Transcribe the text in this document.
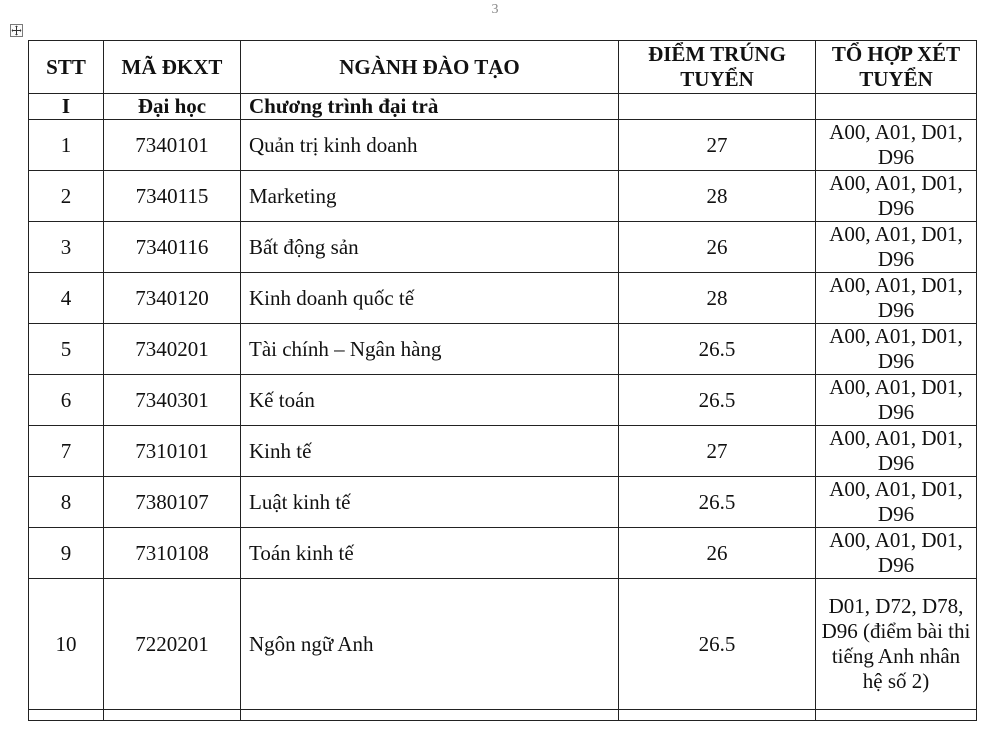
3
STT	MÃ ĐKXT	NGÀNH ĐÀO TẠO	ĐIỂM TRÚNG TUYỂN	TỔ HỢP XÉT TUYỂN
I	Đại học	Chương trình đại trà		
1	7340101	Quản trị kinh doanh	27	A00, A01, D01, D96
2	7340115	Marketing	28	A00, A01, D01, D96
3	7340116	Bất động sản	26	A00, A01, D01, D96
4	7340120	Kinh doanh quốc tế	28	A00, A01, D01, D96
5	7340201	Tài chính – Ngân hàng	26.5	A00, A01, D01, D96
6	7340301	Kế toán	26.5	A00, A01, D01, D96
7	7310101	Kinh tế	27	A00, A01, D01, D96
8	7380107	Luật kinh tế	26.5	A00, A01, D01, D96
9	7310108	Toán kinh tế	26	A00, A01, D01, D96
10	7220201	Ngôn ngữ Anh	26.5	D01, D72, D78, D96 (điểm bài thi tiếng Anh nhân hệ số 2)
